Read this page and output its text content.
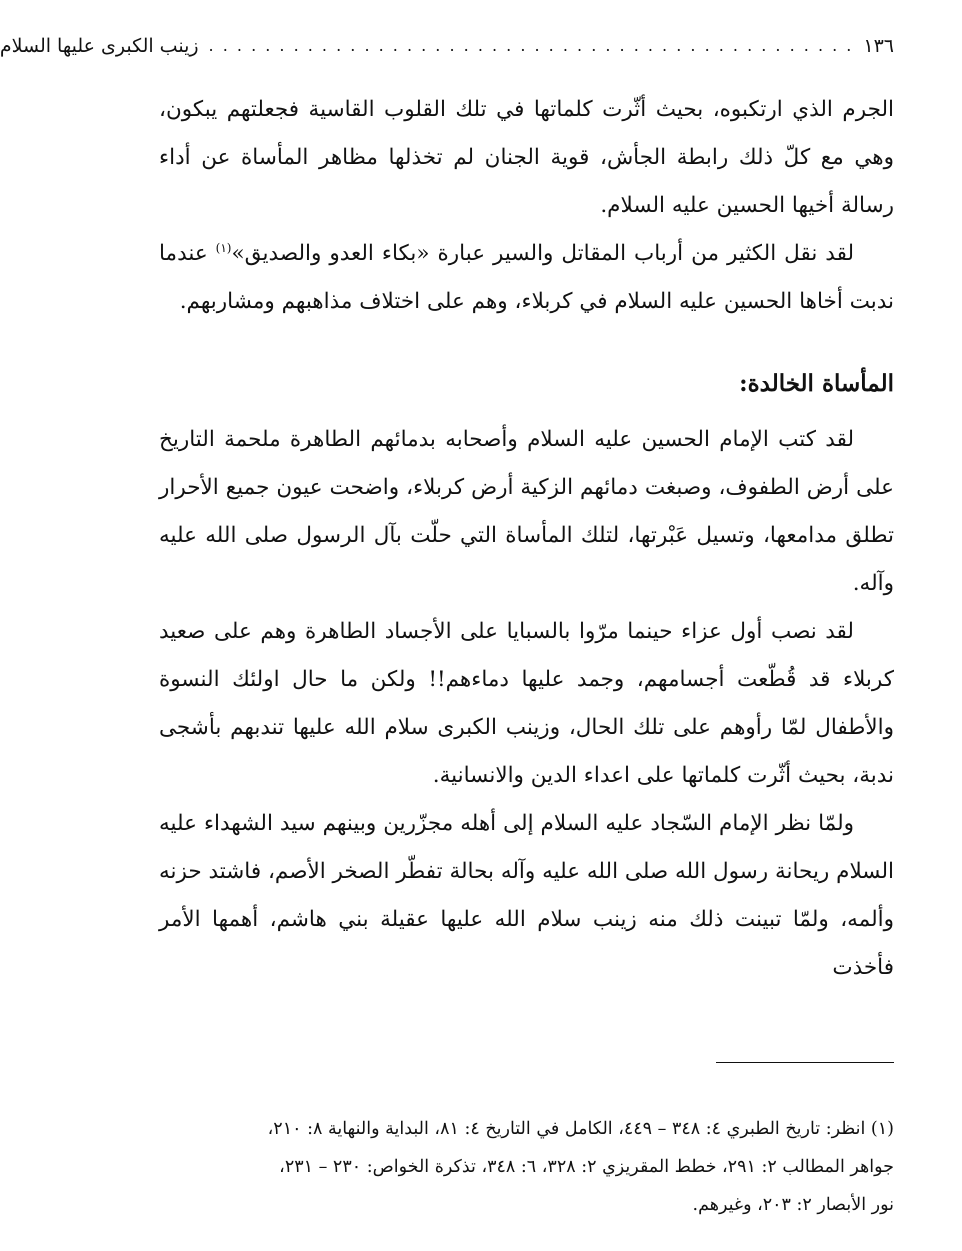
١٣٦
. . . . . . . . . . . . . . . . . . . . . . . . . . . . . . . . . . . . . . . . . . . . . .
زينب الكبرى عليها السلام

الجرم الذي ارتكبوه، بحيث أثّرت كلماتها في تلك القلوب القاسية فجعلتهم يبكون، وهي مع كلّ ذلك رابطة الجأش، قوية الجنان لم تخذلها مظاهر المأساة عن أداء رسالة أخيها الحسين عليه السلام.

لقد نقل الكثير من أرباب المقاتل والسير عبارة «بكاء العدو والصديق»$^{(١)}$ عندما ندبت أخاها الحسين عليه السلام في كربلاء، وهم على اختلاف مذاهبهم ومشاربهم.

المأساة الخالدة:

لقد كتب الإمام الحسين عليه السلام وأصحابه بدمائهم الطاهرة ملحمة التاريخ على أرض الطفوف، وصبغت دمائهم الزكية أرض كربلاء، واضحت عيون جميع الأحرار تطلق مدامعها، وتسيل عَبْرتها، لتلك المأساة التي حلّت بآل الرسول صلى الله عليه وآله.

لقد نصب أول عزاء حينما مرّوا بالسبايا على الأجساد الطاهرة وهم على صعيد كربلاء قد قُطّعت أجسامهم، وجمد عليها دماءهم!! ولكن ما حال اولئك النسوة والأطفال لمّا رأوهم على تلك الحال، وزينب الكبرى سلام الله عليها تندبهم بأشجى ندبة، بحيث أثّرت كلماتها على اعداء الدين والانسانية.

ولمّا نظر الإمام السّجاد عليه السلام إلى أهله مجزّرين وبينهم سيد الشهداء عليه السلام ريحانة رسول الله صلى الله عليه وآله بحالة تفطّر الصخر الأصم، فاشتد حزنه وألمه، ولمّا تبينت ذلك منه زينب سلام الله عليها عقيلة بني هاشم، أهمها الأمر فأخذت

(١) انظر: تاريخ الطبري ٤: ٣٤٨ – ٤٤٩، الكامل في التاريخ ٤: ٨١، البداية والنهاية ٨: ٢١٠،

جواهر المطالب ٢: ٢٩١، خطط المقريزي ٢: ٣٢٨، ٦: ٣٤٨، تذكرة الخواص: ٢٣٠ – ٢٣١،

نور الأبصار ٢: ٢٠٣، وغيرهم.
